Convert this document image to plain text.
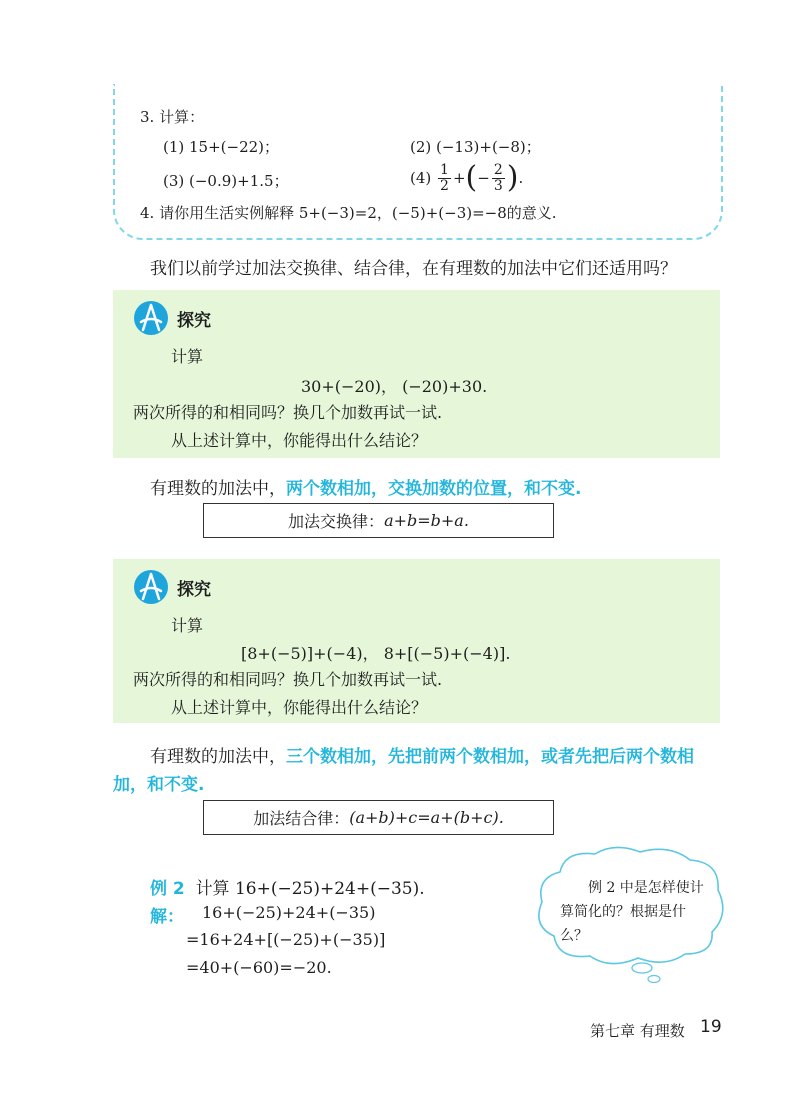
3. 计算：
(1) 15+(−22)；	(2) (−13)+(−8)；
(3) (−0.9)+1.5；	(4)
$\frac{1}{2}$ + ( − $\frac{2}{3}$ ) .
4. 请你用生活实例解释 5+(−3)=2，(−5)+(−3)=−8的意义.
我们以前学过加法交换律、结合律，在有理数的加法中它们还适用吗？
探究
计算
30+(−20)， (−20)+30.
两次所得的和相同吗？换几个加数再试一试.
从上述计算中，你能得出什么结论？
有理数的加法中，两个数相加，交换加数的位置，和不变.
加法交换律： a+b=b+a.
探究
计算
[8+(−5)]+(−4)， 8+[(−5)+(−4)].
两次所得的和相同吗？换几个加数再试一试.
从上述计算中，你能得出什么结论？
有理数的加法中，三个数相加，先把前两个数相加，或者先把后两个数相
加，和不变.
加法结合律： (a+b)+c=a+(b+c).
例 2 计算 16+(−25)+24+(−35).
解： 16+(−25)+24+(−35)
=16+24+[(−25)+(−35)]
=40+(−60)=−20.
例 2 中是怎样使计算简化的？根据是什么？
第七章 有理数 19
